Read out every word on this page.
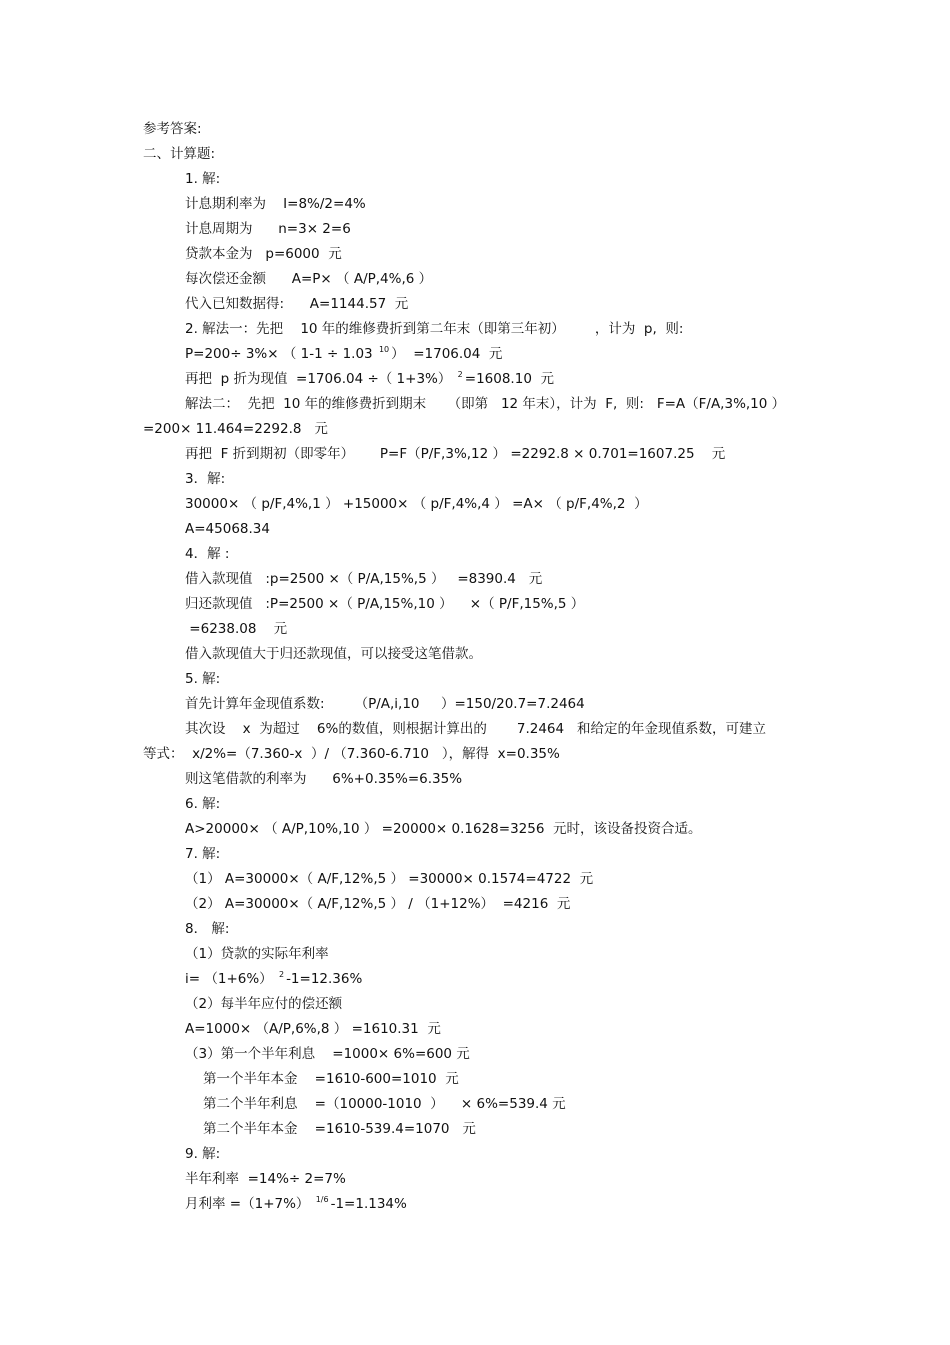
参考答案:
二、计算题:
1. 解:
计息期利率为    I=8%/2=4%
计息周期为      n=3× 2=6
贷款本金为   p=6000  元
每次偿还金额      A=P× （ A/P,4%,6 ）
代入已知数据得:      A=1144.57  元
2. 解法一：先把    10 年的维修费折到第二年末（即第三年初）       ，计为  p,  则:
P=200÷ 3%× （ 1-1 ÷ 1.03 $^{10}$ ）  =1706.04  元
再把  p 折为现值  =1706.04 ÷（ 1+3%） $^2$ =1608.10  元
解法二：  先把  10 年的维修费折到期末     （即第   12 年末），计为  F,  则:   F=A（F/A,3%,10 ）
=200× 11.464=2292.8   元
再把  F 折到期初（即零年）      P=F（P/F,3%,12 ） =2292.8 × 0.701=1607.25    元
3．解:
30000× （ p/F,4%,1 ） +15000× （ p/F,4%,4 ） =A× （ p/F,4%,2  ）
A=45068.34
4．解 :
借入款现值   :p=2500 ×（ P/A,15%,5 ）   =8390.4   元
归还款现值   :P=2500 ×（ P/A,15%,10 ）    ×（ P/F,15%,5 ）
=6238.08    元
借入款现值大于归还款现值，可以接受这笔借款。
5. 解:
首先计算年金现值系数:       （P/A,i,10     ）=150/20.7=7.2464
其次设    x  为超过    6%的数值，则根据计算出的       7.2464   和给定的年金现值系数，可建立
等式：  x/2%=（7.360-x  ）/ （7.360-6.710   ），解得  x=0.35%
则这笔借款的利率为      6%+0.35%=6.35%
6. 解:
A>20000× （ A/P,10%,10 ） =20000× 0.1628=3256  元时，该设备投资合适。
7. 解:
（1） A=30000×（ A/F,12%,5 ） =30000× 0.1574=4722  元
（2） A=30000×（ A/F,12%,5 ） / （1+12%）  =4216  元
8． 解:
（1）贷款的实际年利率
i= （1+6%） $^2$ -1=12.36%
（2）每半年应付的偿还额
A=1000× （A/P,6%,8 ） =1610.31  元
（3）第一个半年利息    =1000× 6%=600 元
第一个半年本金    =1610-600=1010  元
第二个半年利息    =（10000-1010  ）    × 6%=539.4 元
第二个半年本金    =1610-539.4=1070   元
9. 解:
半年利率  =14%÷ 2=7%
月利率 =（1+7%） $^{1/6}$ -1=1.134%
